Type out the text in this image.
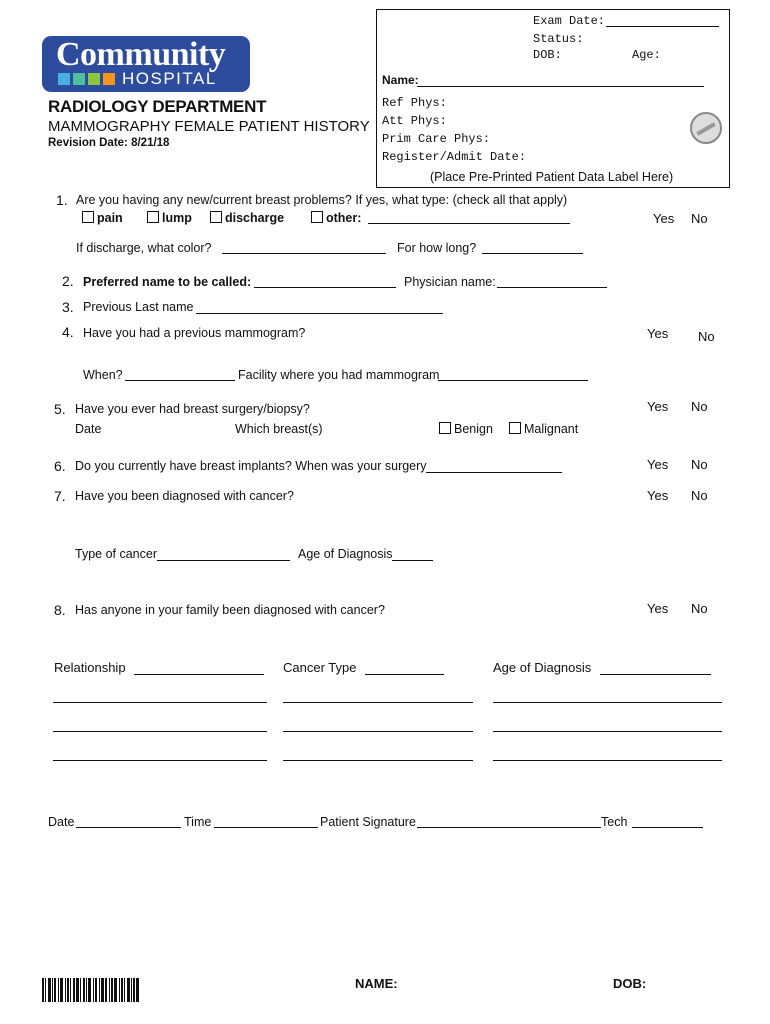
Community
HOSPITAL
RADIOLOGY DEPARTMENT
MAMMOGRAPHY FEMALE PATIENT HISTORY
Revision Date: 8/21/18
Exam Date:
Status:
DOB:	Age:
Name:
Ref Phys:
Att Phys:
Prim Care Phys:
Register/Admit Date:
(Place Pre-Printed Patient Data Label Here)
1. Are you having any new/current breast problems? If yes, what type: (check all that apply)
pain	lump	discharge	other:	Yes No
If discharge, what color?	For how long?
2. Preferred name to be called:	Physician name:
3. Previous Last name
4. Have you had a previous mammogram?	Yes No
When?	Facility where you had mammogram
5. Have you ever had breast surgery/biopsy?	Yes No
Date	Which breast(s)	Benign	Malignant
6. Do you currently have breast implants? When was your surgery	Yes No
7. Have you been diagnosed with cancer?	Yes No
Type of cancer	Age of Diagnosis
8. Has anyone in your family been diagnosed with cancer?	Yes No
Relationship	Cancer Type	Age of Diagnosis
Date	Time	Patient Signature	Tech
NAME:	DOB:
